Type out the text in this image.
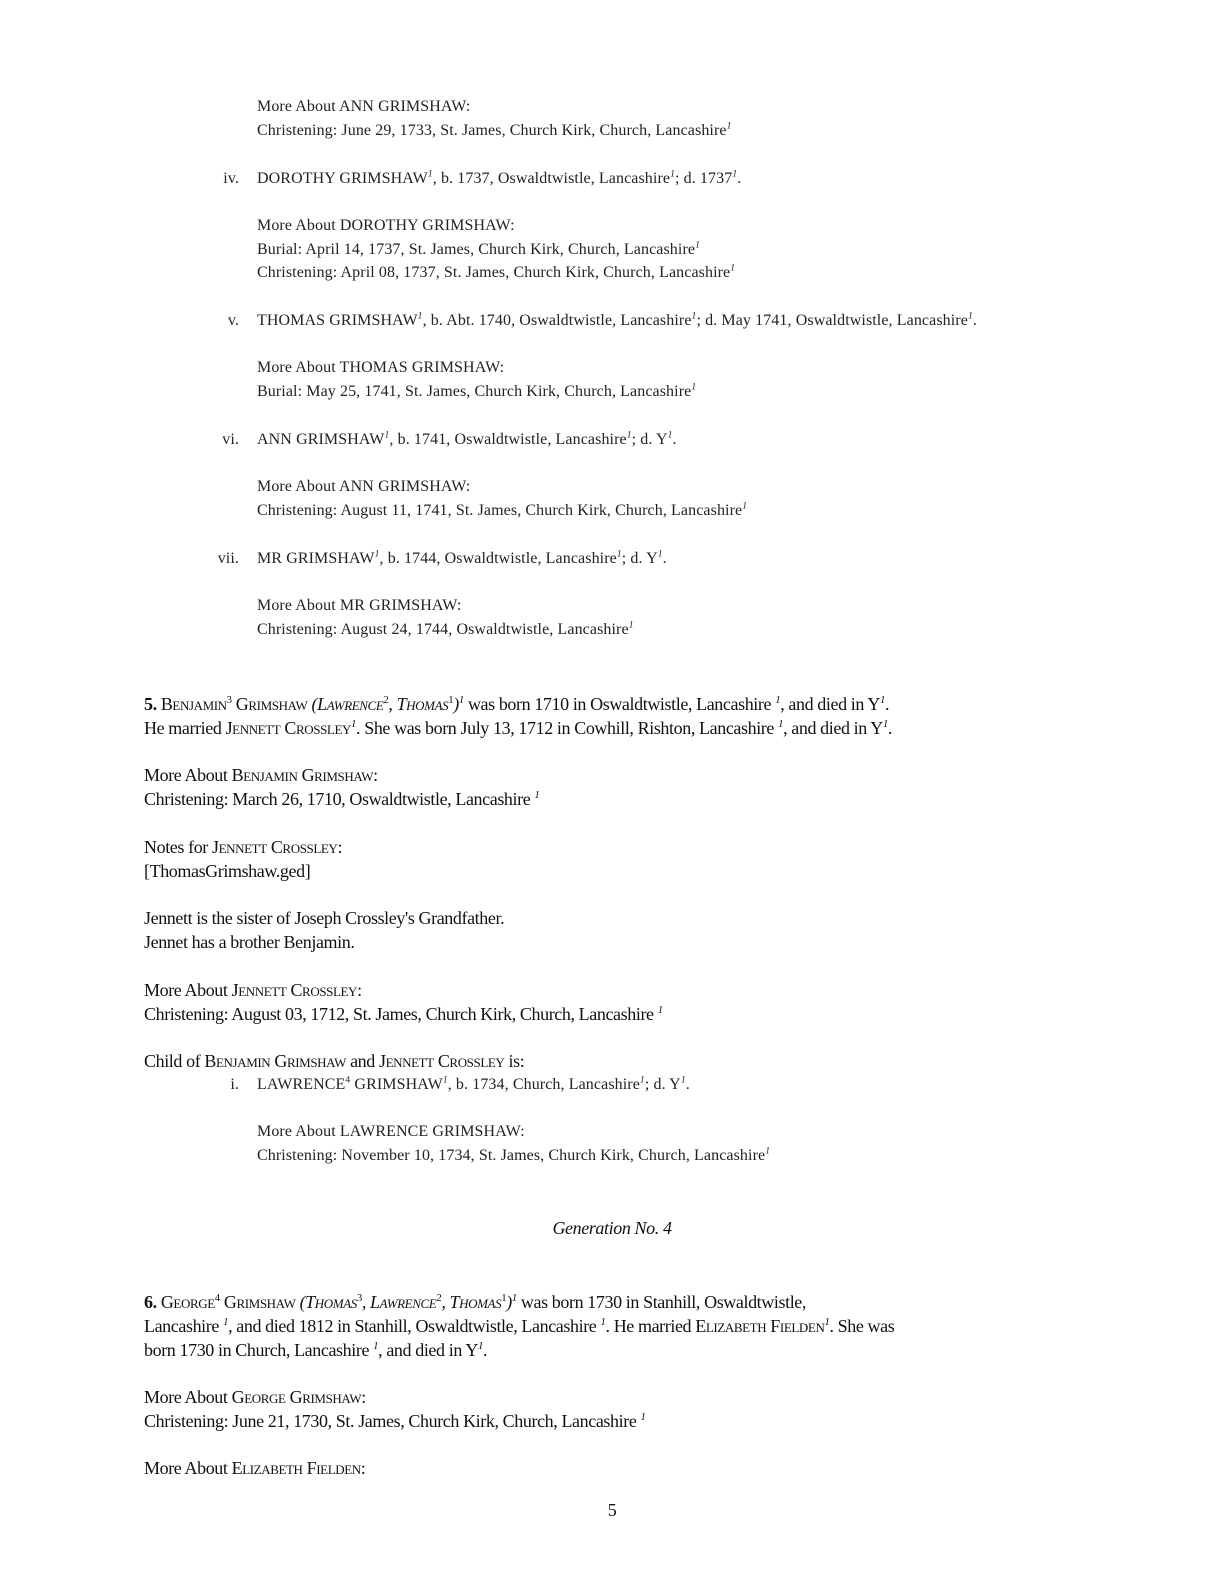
More About ANN GRIMSHAW:
Christening: June 29, 1733, St. James, Church Kirk, Church, Lancashire$^1$
iv. DOROTHY GRIMSHAW$^1$, b. 1737, Oswaldtwistle, Lancashire$^1$; d. 1737$^1$.
More About DOROTHY GRIMSHAW:
Burial: April 14, 1737, St. James, Church Kirk, Church, Lancashire$^1$
Christening: April 08, 1737, St. James, Church Kirk, Church, Lancashire$^1$
v. THOMAS GRIMSHAW$^1$, b. Abt. 1740, Oswaldtwistle, Lancashire$^1$; d. May 1741, Oswaldtwistle, Lancashire$^1$.
More About THOMAS GRIMSHAW:
Burial: May 25, 1741, St. James, Church Kirk, Church, Lancashire$^1$
vi. ANN GRIMSHAW$^1$, b. 1741, Oswaldtwistle, Lancashire$^1$; d. $Y^1$.
More About ANN GRIMSHAW:
Christening: August 11, 1741, St. James, Church Kirk, Church, Lancashire$^1$
vii. MR GRIMSHAW$^1$, b. 1744, Oswaldtwistle, Lancashire$^1$; d. $Y^1$.
More About MR GRIMSHAW:
Christening: August 24, 1744, Oswaldtwistle, Lancashire$^1$
5. Benjamin$^3$ Grimshaw (Lawrence$^2$, Thomas$^1$)$^1$ was born 1710 in Oswaldtwistle, Lancashire $^1$, and died in $Y^1$.
He married Jennett Crossley$^1$. She was born July 13, 1712 in Cowhill, Rishton, Lancashire $^1$, and died in $Y^1$.
More About Benjamin Grimshaw:
Christening: March 26, 1710, Oswaldtwistle, Lancashire $^1$
Notes for Jennett Crossley:
[ThomasGrimshaw.ged]
Jennett is the sister of Joseph Crossley's Grandfather.
Jennet has a brother Benjamin.
More About Jennett Crossley:
Christening: August 03, 1712, St. James, Church Kirk, Church, Lancashire $^1$
Child of Benjamin Grimshaw and Jennett Crossley is:
i. LAWRENCE$^4$ GRIMSHAW$^1$, b. 1734, Church, Lancashire$^1$; d. $Y^1$.
More About LAWRENCE GRIMSHAW:
Christening: November 10, 1734, St. James, Church Kirk, Church, Lancashire$^1$
Generation No. 4
6. George$^4$ Grimshaw (Thomas$^3$, Lawrence$^2$, Thomas$^1$)$^1$ was born 1730 in Stanhill, Oswaldtwistle,
Lancashire $^1$, and died 1812 in Stanhill, Oswaldtwistle, Lancashire $^1$. He married Elizabeth Fielden$^1$. She was
born 1730 in Church, Lancashire $^1$, and died in $Y^1$.
More About George Grimshaw:
Christening: June 21, 1730, St. James, Church Kirk, Church, Lancashire $^1$
More About Elizabeth Fielden:
5
